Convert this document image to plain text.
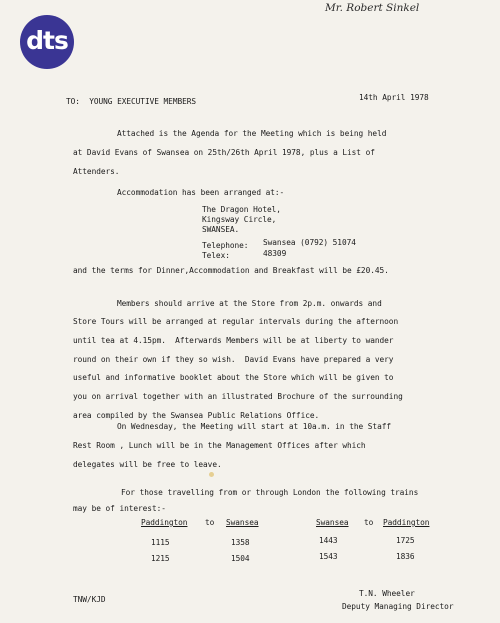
dts
Mr. Robert Sinkel
TO:  YOUNG EXECUTIVE MEMBERS	14th April 1978
Attached is the Agenda for the Meeting which is being held
at David Evans of Swansea on 25th/26th April 1978, plus a List of
Attenders.
Accommodation has been arranged at:-
The Dragon Hotel,
Kingsway Circle,
SWANSEA.
Telephone: Swansea (0792) 51074
Telex:	48309
and the terms for Dinner,Accommodation and Breakfast will be £20.45.
Members should arrive at the Store from 2p.m. onwards and
Store Tours will be arranged at regular intervals during the afternoon
until tea at 4.15pm.  Afterwards Members will be at liberty to wander
round on their own if they so wish.  David Evans have prepared a very
useful and informative booklet about the Store which will be given to
you on arrival together with an illustrated Brochure of the surrounding
area compiled by the Swansea Public Relations Office.
On Wednesday, the Meeting will start at 10a.m. in the Staff
Rest Room , Lunch will be in the Management Offices after which
delegates will be free to leave.
For those travelling from or through London the following trains
may be of interest:-
Paddington to Swansea	Swansea to Paddington
1115	1358	1443	1725
1215	1504	1543	1836
TNW/KJD
T.N. Wheeler
Deputy Managing Director
